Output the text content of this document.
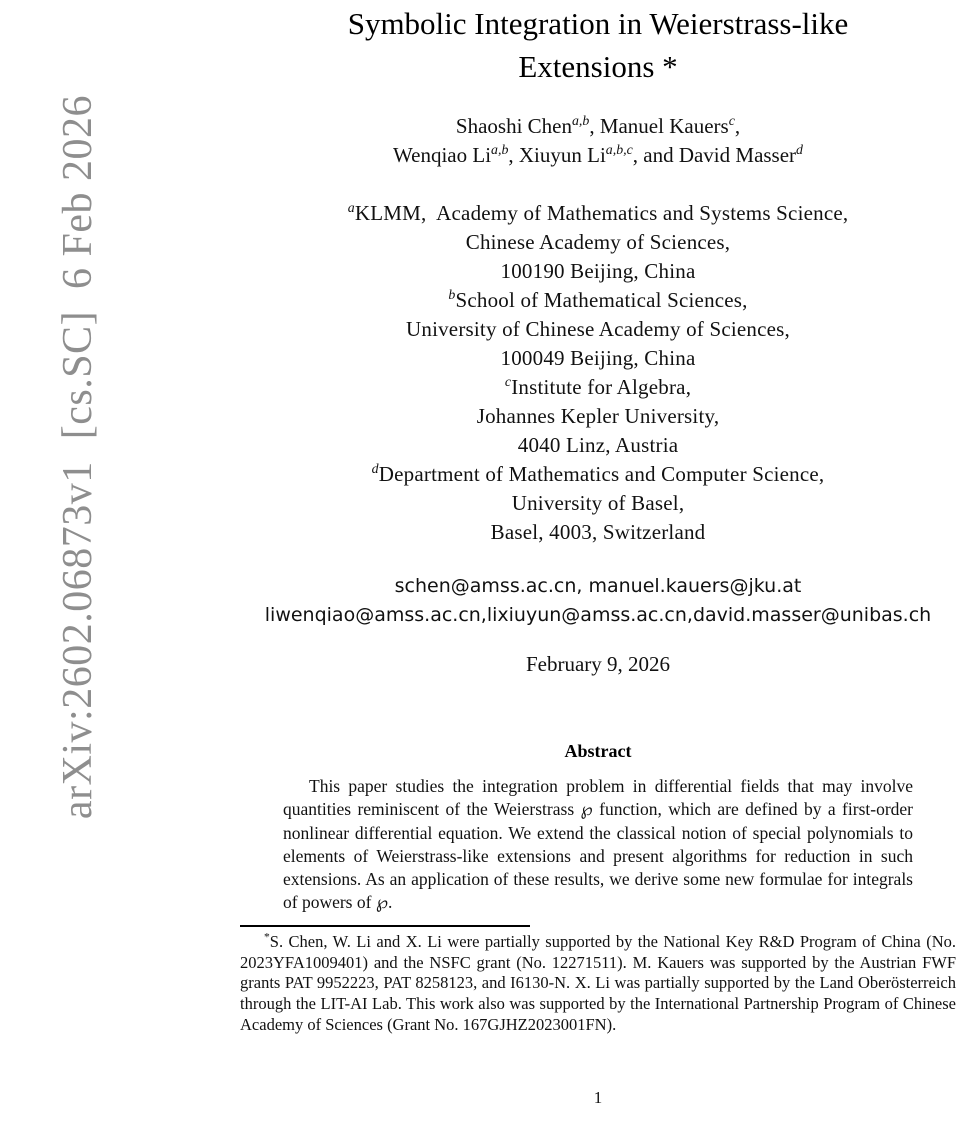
arXiv:2602.06873v1  [cs.SC]  6 Feb 2026

Symbolic Integration in Weierstrass-like
Extensions *
Shaoshi Chen$^{a,b}$, Manuel Kauers$^c$,
Wenqiao Li$^{a,b}$, Xiuyun Li$^{a,b,c}$, and David Masser$^d$
$^a$KLMM,  Academy of Mathematics and Systems Science,
Chinese Academy of Sciences,
100190 Beijing, China
$^b$School of Mathematical Sciences,
University of Chinese Academy of Sciences,
100049 Beijing, China
$^c$Institute for Algebra,
Johannes Kepler University,
4040 Linz, Austria
$^d$Department of Mathematics and Computer Science,
University of Basel,
Basel, 4003, Switzerland
schen@amss.ac.cn, manuel.kauers@jku.at
liwenqiao@amss.ac.cn,lixiuyun@amss.ac.cn,david.masser@unibas.ch
February 9, 2026
Abstract

This paper studies the integration problem in differential fields that may involve quantities reminiscent of the Weierstrass ℘ function, which are defined by a first-order nonlinear differential equation. We extend the classical notion of special polynomials to elements of Weierstrass-like extensions and present algorithms for reduction in such extensions. As an application of these results, we derive some new formulae for integrals of powers of ℘.

*S. Chen, W. Li and X. Li were partially supported by the National Key R&D Program of China (No. 2023YFA1009401) and the NSFC grant (No. 12271511). M. Kauers was supported by the Austrian FWF grants PAT 9952223, PAT 8258123, and I6130-N. X. Li was partially supported by the Land Oberösterreich through the LIT-AI Lab. This work also was supported by the International Partnership Program of Chinese Academy of Sciences (Grant No. 167GJHZ2023001FN).

1
